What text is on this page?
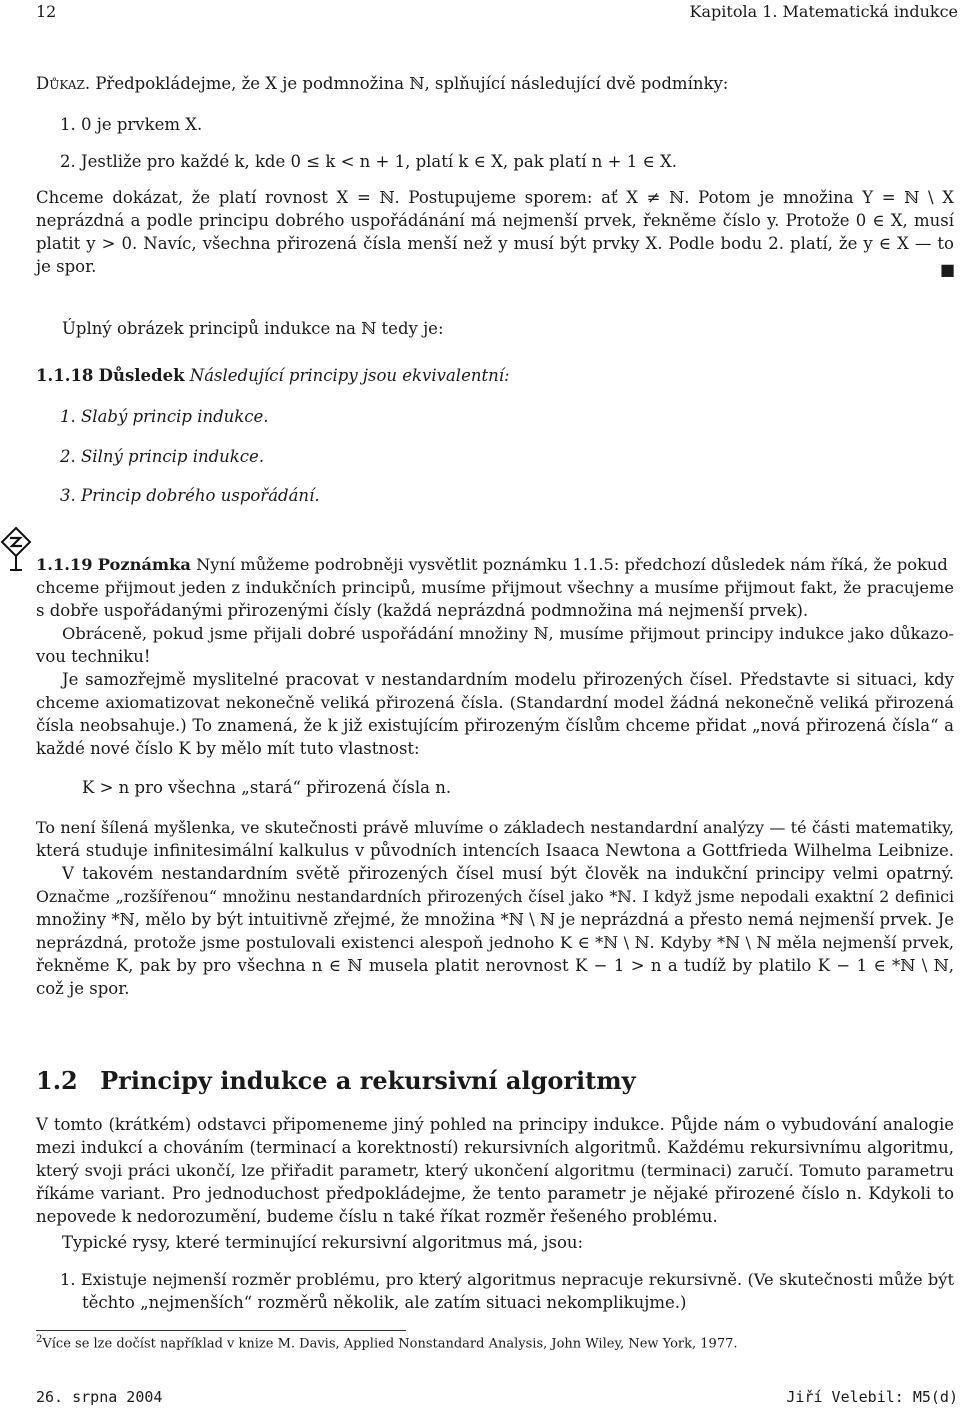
12	Kapitola 1. Matematická indukce
Důkaz. Předpokládejme, že X je podmnožina ℕ, splňující následující dvě podmínky:
1. 0 je prvkem X.
2. Jestliže pro každé k, kde 0 ≤ k < n + 1, platí k ∈ X, pak platí n + 1 ∈ X.
Chceme dokázat, že platí rovnost X = ℕ. Postupujeme sporem: ať X ≠ ℕ. Potom je množina Y = ℕ \ X
neprázdná a podle principu dobrého uspořádánání má nejmenší prvek, řekněme číslo y. Protože 0 ∈ X, musí
platit y > 0. Navíc, všechna přirozená čísla menší než y musí být prvky X. Podle bodu 2. platí, že y ∈ X — to
je spor.	■
Úplný obrázek principů indukce na ℕ tedy je:
1.1.18 Důsledek Následující principy jsou ekvivalentní:
1. Slabý princip indukce.
2. Silný princip indukce.
3. Princip dobrého uspořádání.
1.1.19 Poznámka Nyní můžeme podrobněji vysvětlit poznámku 1.1.5: předchozí důsledek nám říká, že pokud
chceme přijmout jeden z indukčních principů, musíme přijmout všechny a musíme přijmout fakt, že pracujeme
s dobře uspořádanými přirozenými čísly (každá neprázdná podmnožina má nejmenší prvek).
Obráceně, pokud jsme přijali dobré uspořádání množiny ℕ, musíme přijmout principy indukce jako důkazo-
vou techniku!
Je samozřejmě myslitelné pracovat v nestandardním modelu přirozených čísel. Představte si situaci, kdy
chceme axiomatizovat nekonečně veliká přirozená čísla. (Standardní model žádná nekonečně veliká přirozená
čísla neobsahuje.) To znamená, že k již existujícím přirozeným číslům chceme přidat „nová přirozená čísla“ a
každé nové číslo K by mělo mít tuto vlastnost:
K > n pro všechna „stará“ přirozená čísla n.
To není šílená myšlenka, ve skutečnosti právě mluvíme o základech nestandardní analýzy — té části matematiky,
která studuje infinitesimální kalkulus v původních intencích Isaaca Newtona a Gottfrieda Wilhelma Leibnize.
V takovém nestandardním světě přirozených čísel musí být člověk na indukční principy velmi opatrný.
Označme „rozšířenou“ množinu nestandardních přirozených čísel jako *ℕ. I když jsme nepodali exaktní 2 definici
množiny *ℕ, mělo by být intuitivně zřejmé, že množina *ℕ \ ℕ je neprázdná a přesto nemá nejmenší prvek. Je
neprázdná, protože jsme postulovali existenci alespoň jednoho K ∈ *ℕ \ ℕ. Kdyby *ℕ \ ℕ měla nejmenší prvek,
řekněme K, pak by pro všechna n ∈ ℕ musela platit nerovnost K − 1 > n a tudíž by platilo K − 1 ∈ *ℕ \ ℕ,
což je spor.
1.2 Principy indukce a rekursivní algoritmy
V tomto (krátkém) odstavci připomeneme jiný pohled na principy indukce. Půjde nám o vybudování analogie
mezi indukcí a chováním (terminací a korektností) rekursivních algoritmů. Každému rekursivnímu algoritmu,
který svoji práci ukončí, lze přiřadit parametr, který ukončení algoritmu (terminaci) zaručí. Tomuto parametru
říkáme variant. Pro jednoduchost předpokládejme, že tento parametr je nějaké přirozené číslo n. Kdykoli to
nepovede k nedorozumění, budeme číslu n také říkat rozměr řešeného problému.
Typické rysy, které terminující rekursivní algoritmus má, jsou:
1. Existuje nejmenší rozměr problému, pro který algoritmus nepracuje rekursivně. (Ve skutečnosti může být
těchto „nejmenších“ rozměrů několik, ale zatím situaci nekomplikujme.)
$^2$Více se lze dočíst například v knize M. Davis, Applied Nonstandard Analysis, John Wiley, New York, 1977.
26. srpna 2004	Jiří Velebil: M5(d)
